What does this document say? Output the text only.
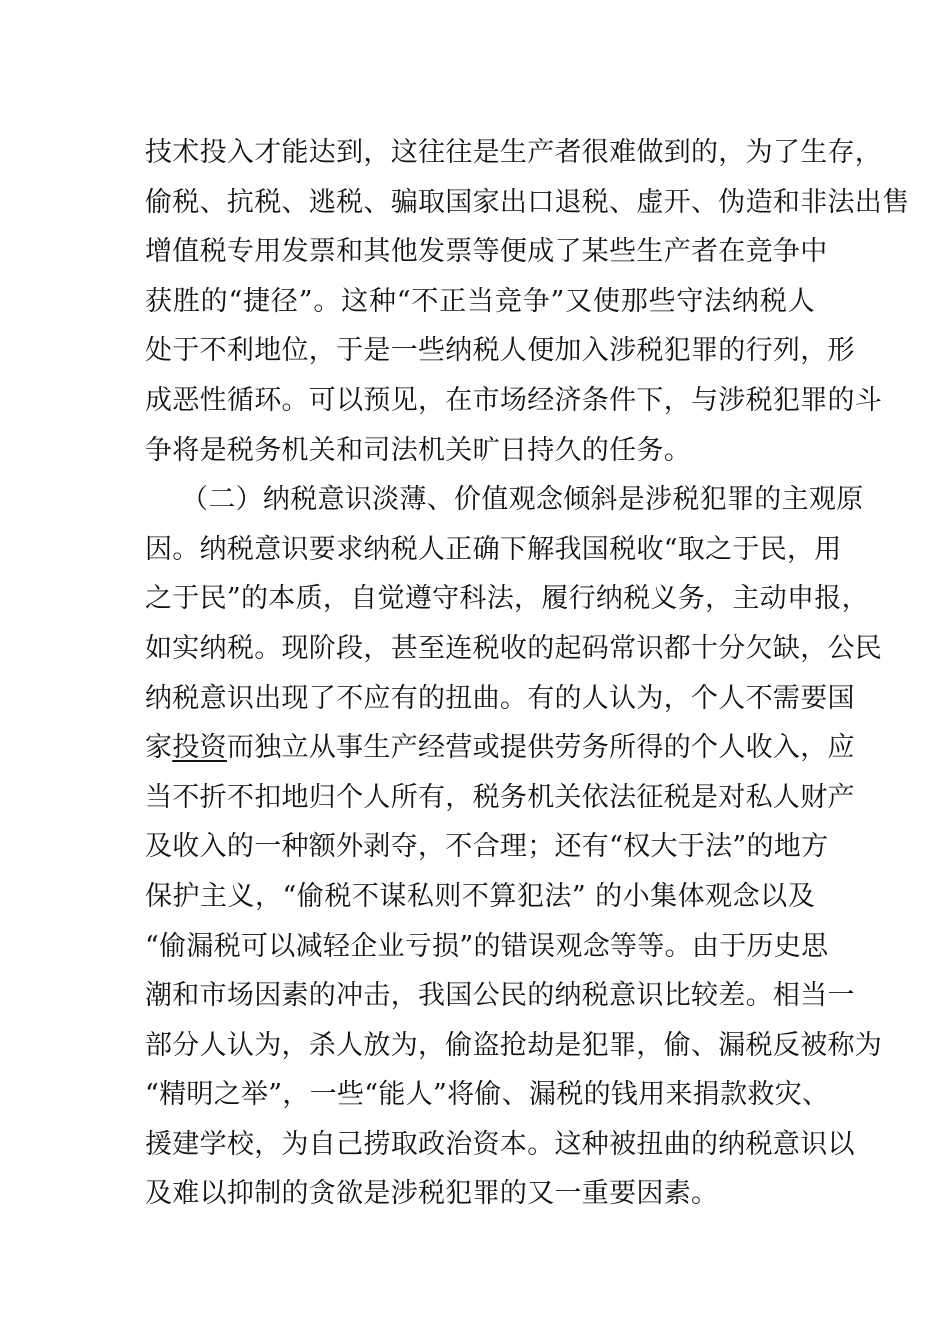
技术投入才能达到，这往往是生产者很难做到的，为了生存，
偷税、抗税、逃税、骗取国家出口退税、虚开、伪造和非法出售
增值税专用发票和其他发票等便成了某些生产者在竞争中
获胜的“捷径”。这种“不正当竞争”又使那些守法纳税人
处于不利地位，于是一些纳税人便加入涉税犯罪的行列，形
成恶性循环。可以预见，在市场经济条件下，与涉税犯罪的斗
争将是税务机关和司法机关旷日持久的任务。
（二）纳税意识淡薄、价值观念倾斜是涉税犯罪的主观原
因。纳税意识要求纳税人正确下解我国税收“取之于民，用
之于民”的本质，自觉遵守科法，履行纳税义务，主动申报，
如实纳税。现阶段，甚至连税收的起码常识都十分欠缺，公民
纳税意识出现了不应有的扭曲。有的人认为，个人不需要国
家投资而独立从事生产经营或提供劳务所得的个人收入，应
当不折不扣地归个人所有，税务机关依法征税是对私人财产
及收入的一种额外剥夺，不合理；还有“权大于法”的地方
保护主义，“偷税不谋私则不算犯法” 的小集体观念以及
“偷漏税可以减轻企业亏损”的错误观念等等。由于历史思
潮和市场因素的冲击，我国公民的纳税意识比较差。相当一
部分人认为，杀人放为，偷盗抢劫是犯罪，偷、漏税反被称为
“精明之举”，一些“能人”将偷、漏税的钱用来捐款救灾、
援建学校，为自己捞取政治资本。这种被扭曲的纳税意识以
及难以抑制的贪欲是涉税犯罪的又一重要因素。
